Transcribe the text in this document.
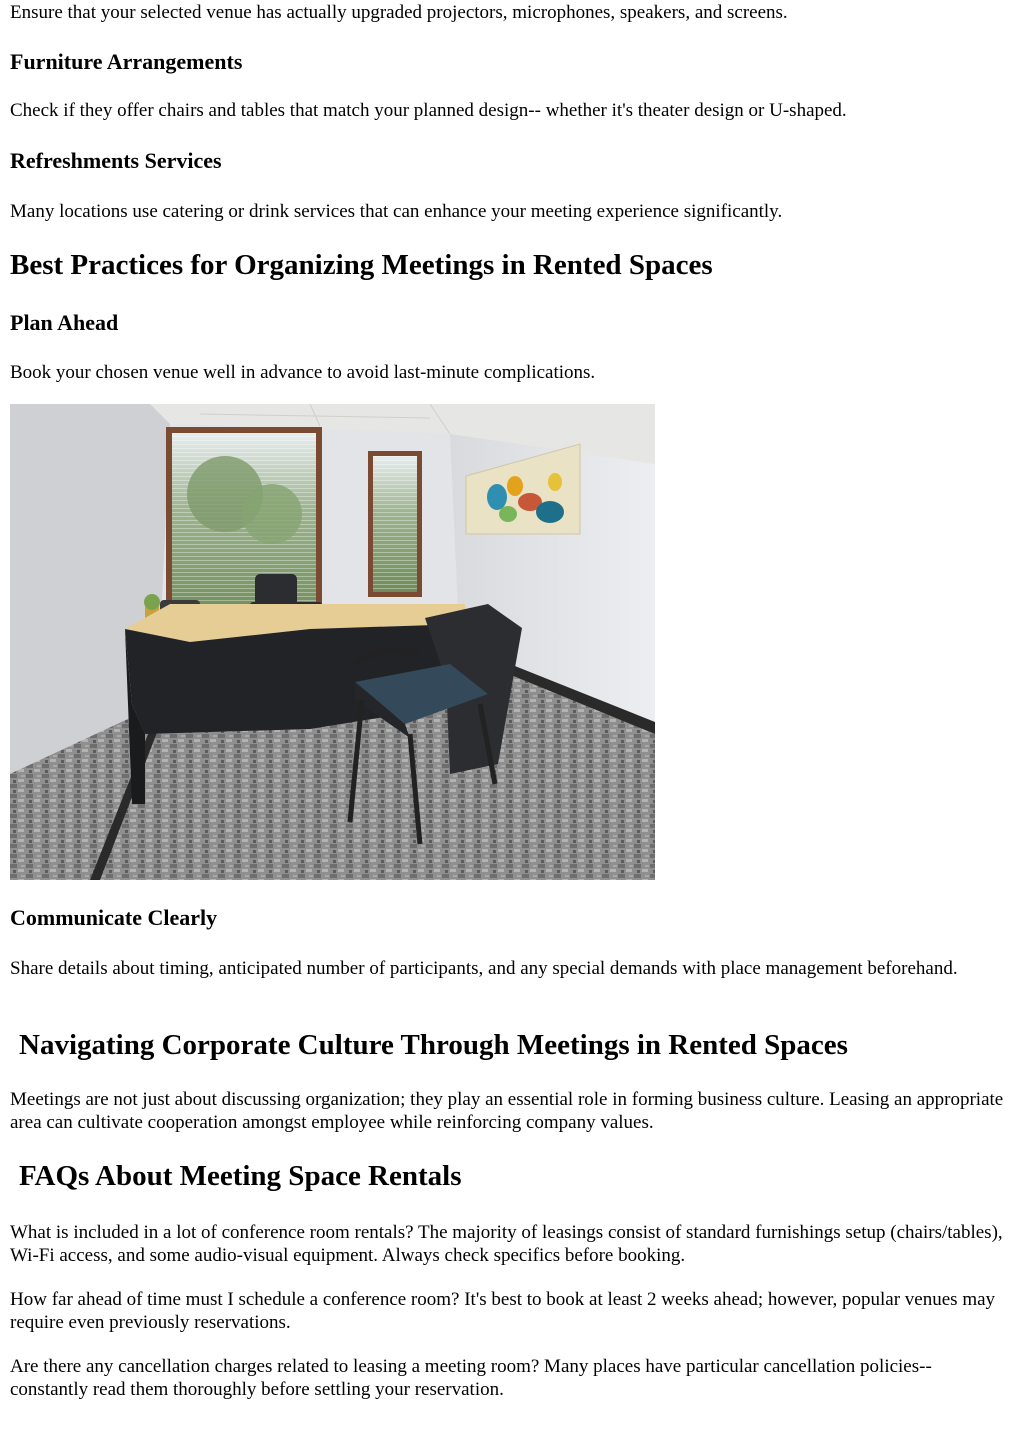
Ensure that your selected venue has actually upgraded projectors, microphones, speakers, and screens.

Furniture Arrangements

Check if they offer chairs and tables that match your planned design-- whether it's theater design or U-shaped.

Refreshments Services

Many locations use catering or drink services that can enhance your meeting experience significantly.

Best Practices for Organizing Meetings in Rented Spaces
Plan Ahead

Book your chosen venue well in advance to avoid last-minute complications.

Communicate Clearly

Share details about timing, anticipated number of participants, and any special demands with place management beforehand.

Navigating Corporate Culture Through Meetings in Rented Spaces

Meetings are not just about discussing organization; they play an essential role in forming business culture. Leasing an appropriate area can cultivate cooperation amongst employee while reinforcing company values.

FAQs About Meeting Space Rentals

What is included in a lot of conference room rentals? The majority of leasings consist of standard furnishings setup (chairs/tables), Wi-Fi access, and some audio-visual equipment. Always check specifics before booking.

How far ahead of time must I schedule a conference room? It's best to book at least 2 weeks ahead; however, popular venues may require even previously reservations.

Are there any cancellation charges related to leasing a meeting room? Many places have particular cancellation policies-- constantly read them thoroughly before settling your reservation.
